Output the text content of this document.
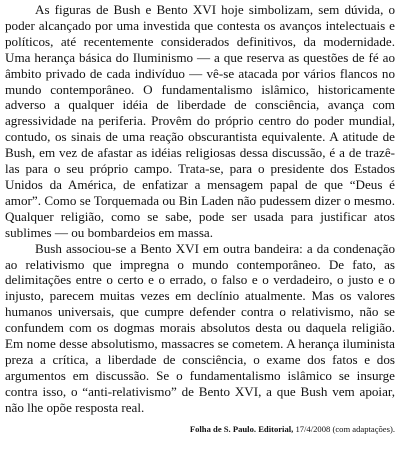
As figuras de Bush e Bento XVI hoje simbolizam, sem dúvida, o poder alcançado por uma investida que contesta os avanços intelectuais e políticos, até recentemente considerados definitivos, da modernidade. Uma herança básica do Iluminismo — a que reserva as questões de fé ao âmbito privado de cada indivíduo — vê-se atacada por vários flancos no mundo contemporâneo. O fundamentalismo islâmico, historicamente adverso a qualquer idéia de liberdade de consciência, avança com agressividade na periferia. Provêm do próprio centro do poder mundial, contudo, os sinais de uma reação obscurantista equivalente. A atitude de Bush, em vez de afastar as idéias religiosas dessa discussão, é a de trazê-las para o seu próprio campo. Trata-se, para o presidente dos Estados Unidos da América, de enfatizar a mensagem papal de que “Deus é amor”. Como se Torquemada ou Bin Laden não pudessem dizer o mesmo. Qualquer religião, como se sabe, pode ser usada para justificar atos sublimes — ou bombardeios em massa.

Bush associou-se a Bento XVI em outra bandeira: a da condenação ao relativismo que impregna o mundo contemporâneo. De fato, as delimitações entre o certo e o errado, o falso e o verdadeiro, o justo e o injusto, parecem muitas vezes em declínio atualmente. Mas os valores humanos universais, que cumpre defender contra o relativismo, não se confundem com os dogmas morais absolutos desta ou daquela religião. Em nome desse absolutismo, massacres se cometem. A herança iluminista preza a crítica, a liberdade de consciência, o exame dos fatos e dos argumentos em discussão. Se o fundamentalismo islâmico se insurge contra isso, o “anti-relativismo” de Bento XVI, a que Bush vem apoiar, não lhe opõe resposta real.

Folha de S. Paulo. Editorial, 17/4/2008 (com adaptações).
